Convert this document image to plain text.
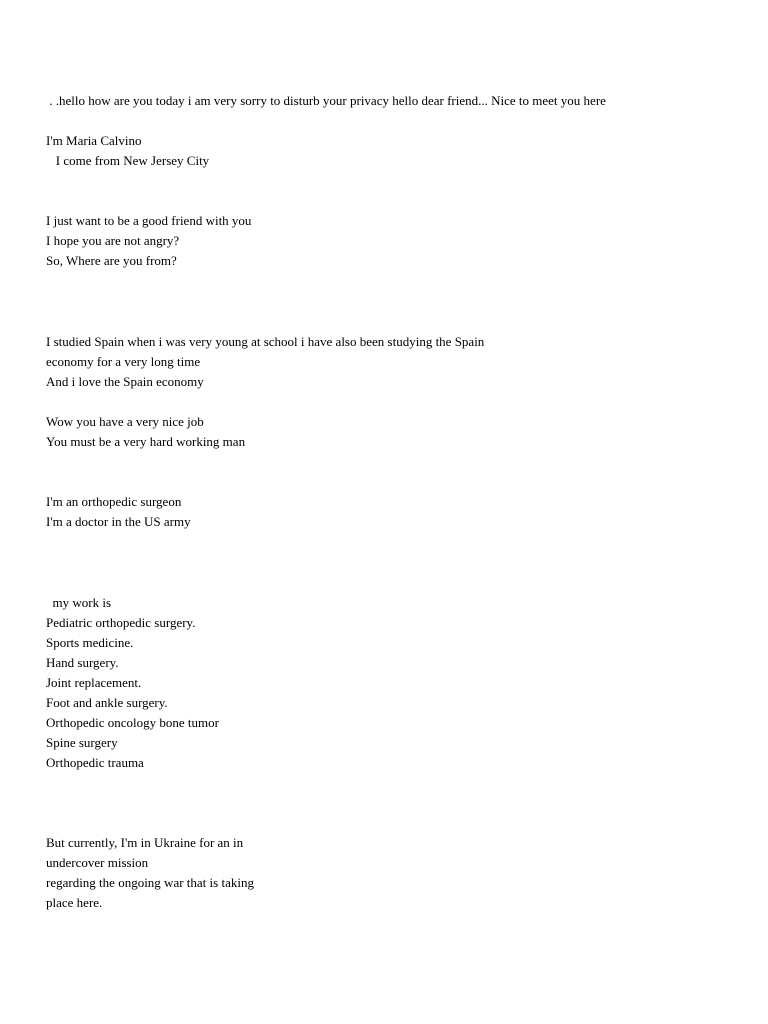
. .hello how are you today i am very sorry to disturb your privacy hello dear friend... Nice to meet you here
I'm Maria Calvino
I come from New Jersey City
I just want to be a good friend with you
I hope you are not angry?
So, Where are you from?
I studied Spain when i was very young at school i have also been studying the Spain
economy for a very long time
And i love the Spain economy
Wow you have a very nice job
You must be a very hard working man
I'm an orthopedic surgeon
I'm a doctor in the US army
my work is
Pediatric orthopedic surgery.
Sports medicine.
Hand surgery.
Joint replacement.
Foot and ankle surgery.
Orthopedic oncology bone tumor
Spine surgery
Orthopedic trauma
But currently, I'm in Ukraine for an in
undercover mission
regarding the ongoing war that is taking
place here.
